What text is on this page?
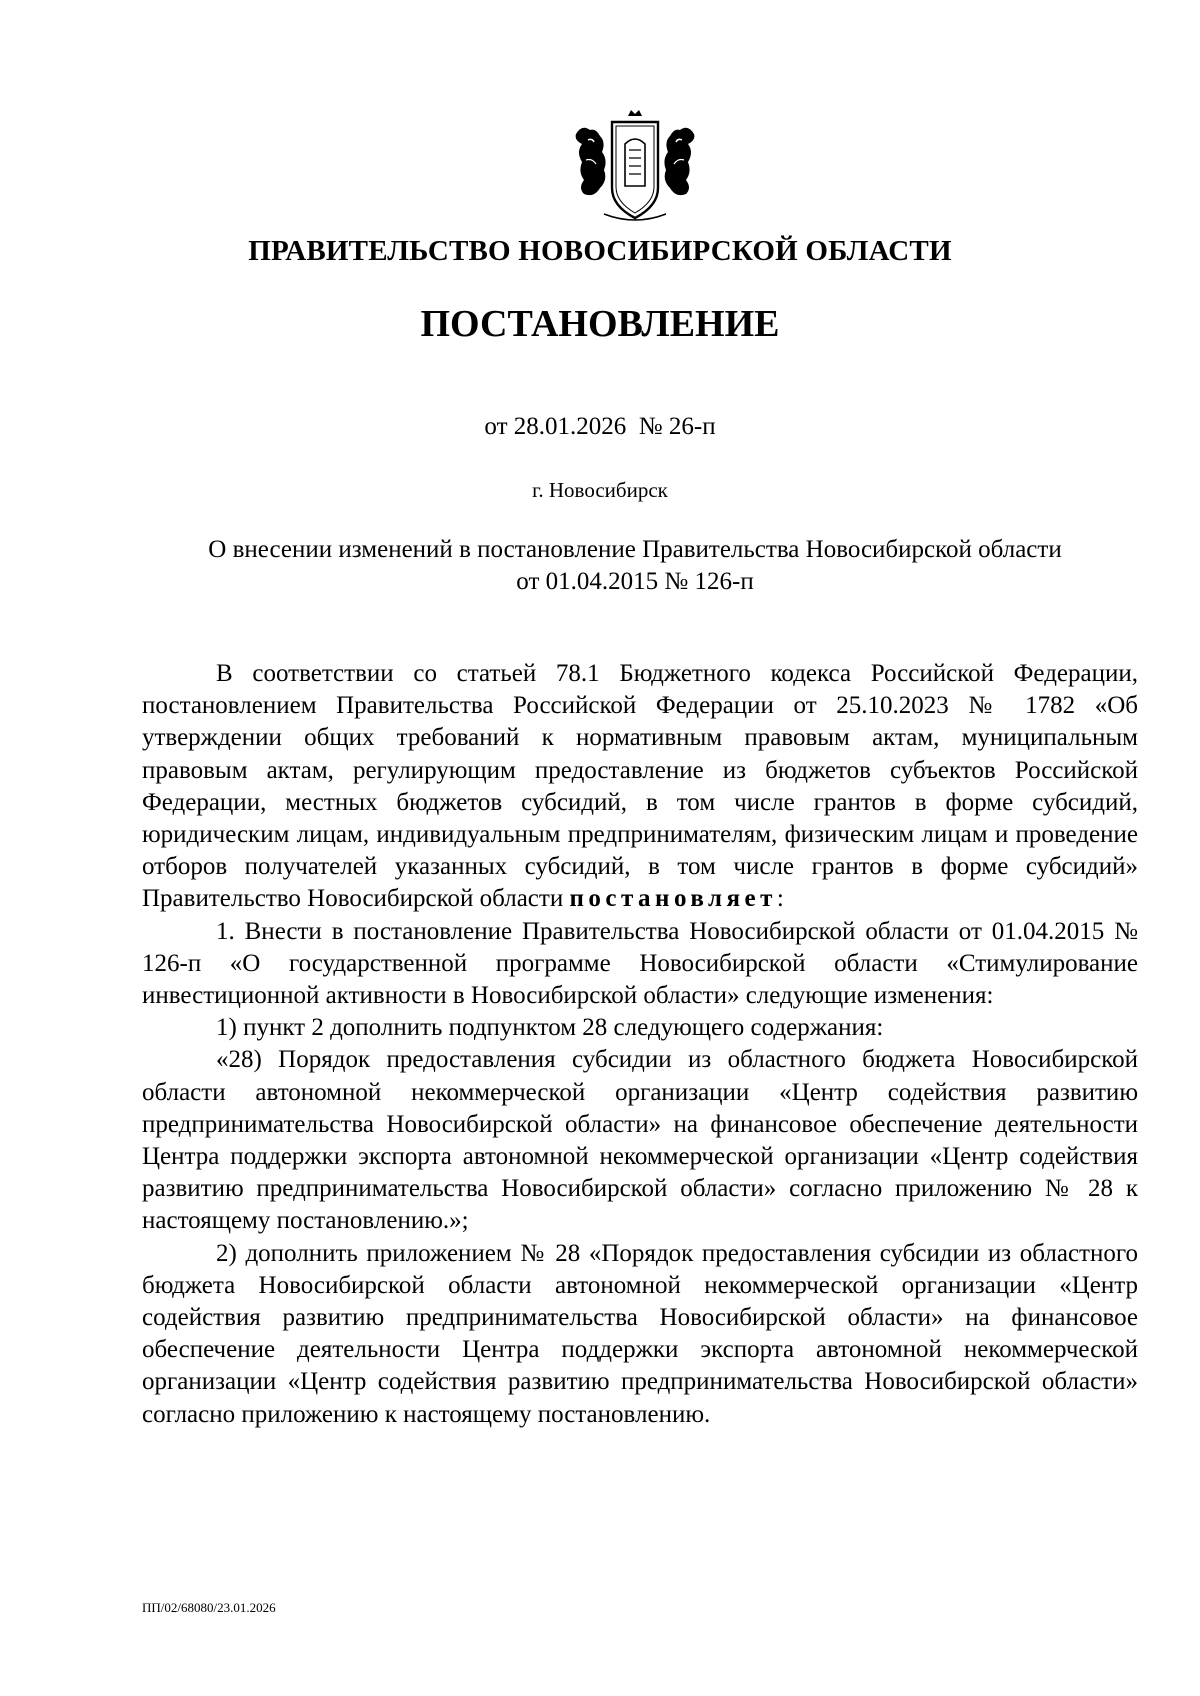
ПРАВИТЕЛЬСТВО НОВОСИБИРСКОЙ ОБЛАСТИ
ПОСТАНОВЛЕНИЕ
от 28.01.2026  № 26-п
г. Новосибирск
О внесении изменений в постановление Правительства Новосибирской области
от 01.04.2015 № 126-п

В соответствии со статьей 78.1 Бюджетного кодекса Российской Федерации, постановлением Правительства Российской Федерации от 25.10.2023 № 1782 «Об утверждении общих требований к нормативным правовым актам, муниципальным правовым актам, регулирующим предоставление из бюджетов субъектов Российской Федерации, местных бюджетов субсидий, в том числе грантов в форме субсидий, юридическим лицам, индивидуальным предпринимателям, физическим лицам и проведение отборов получателей указанных субсидий, в том числе грантов в форме субсидий» Правительство Новосибирской области постановляет:

1. Внести в постановление Правительства Новосибирской области от 01.04.2015 № 126-п «О государственной программе Новосибирской области «Стимулирование инвестиционной активности в Новосибирской области» следующие изменения:

1) пункт 2 дополнить подпунктом 28 следующего содержания:

«28) Порядок предоставления субсидии из областного бюджета Новосибирской области автономной некоммерческой организации «Центр содействия развитию предпринимательства Новосибирской области» на финансовое обеспечение деятельности Центра поддержки экспорта автономной некоммерческой организации «Центр содействия развитию предпринимательства Новосибирской области» согласно приложению № 28 к настоящему постановлению.»;

2) дополнить приложением № 28 «Порядок предоставления субсидии из областного бюджета Новосибирской области автономной некоммерческой организации «Центр содействия развитию предпринимательства Новосибирской области» на финансовое обеспечение деятельности Центра поддержки экспорта автономной некоммерческой организации «Центр содействия развитию предпринимательства Новосибирской области» согласно приложению к настоящему постановлению.

ПП/02/68080/23.01.2026
